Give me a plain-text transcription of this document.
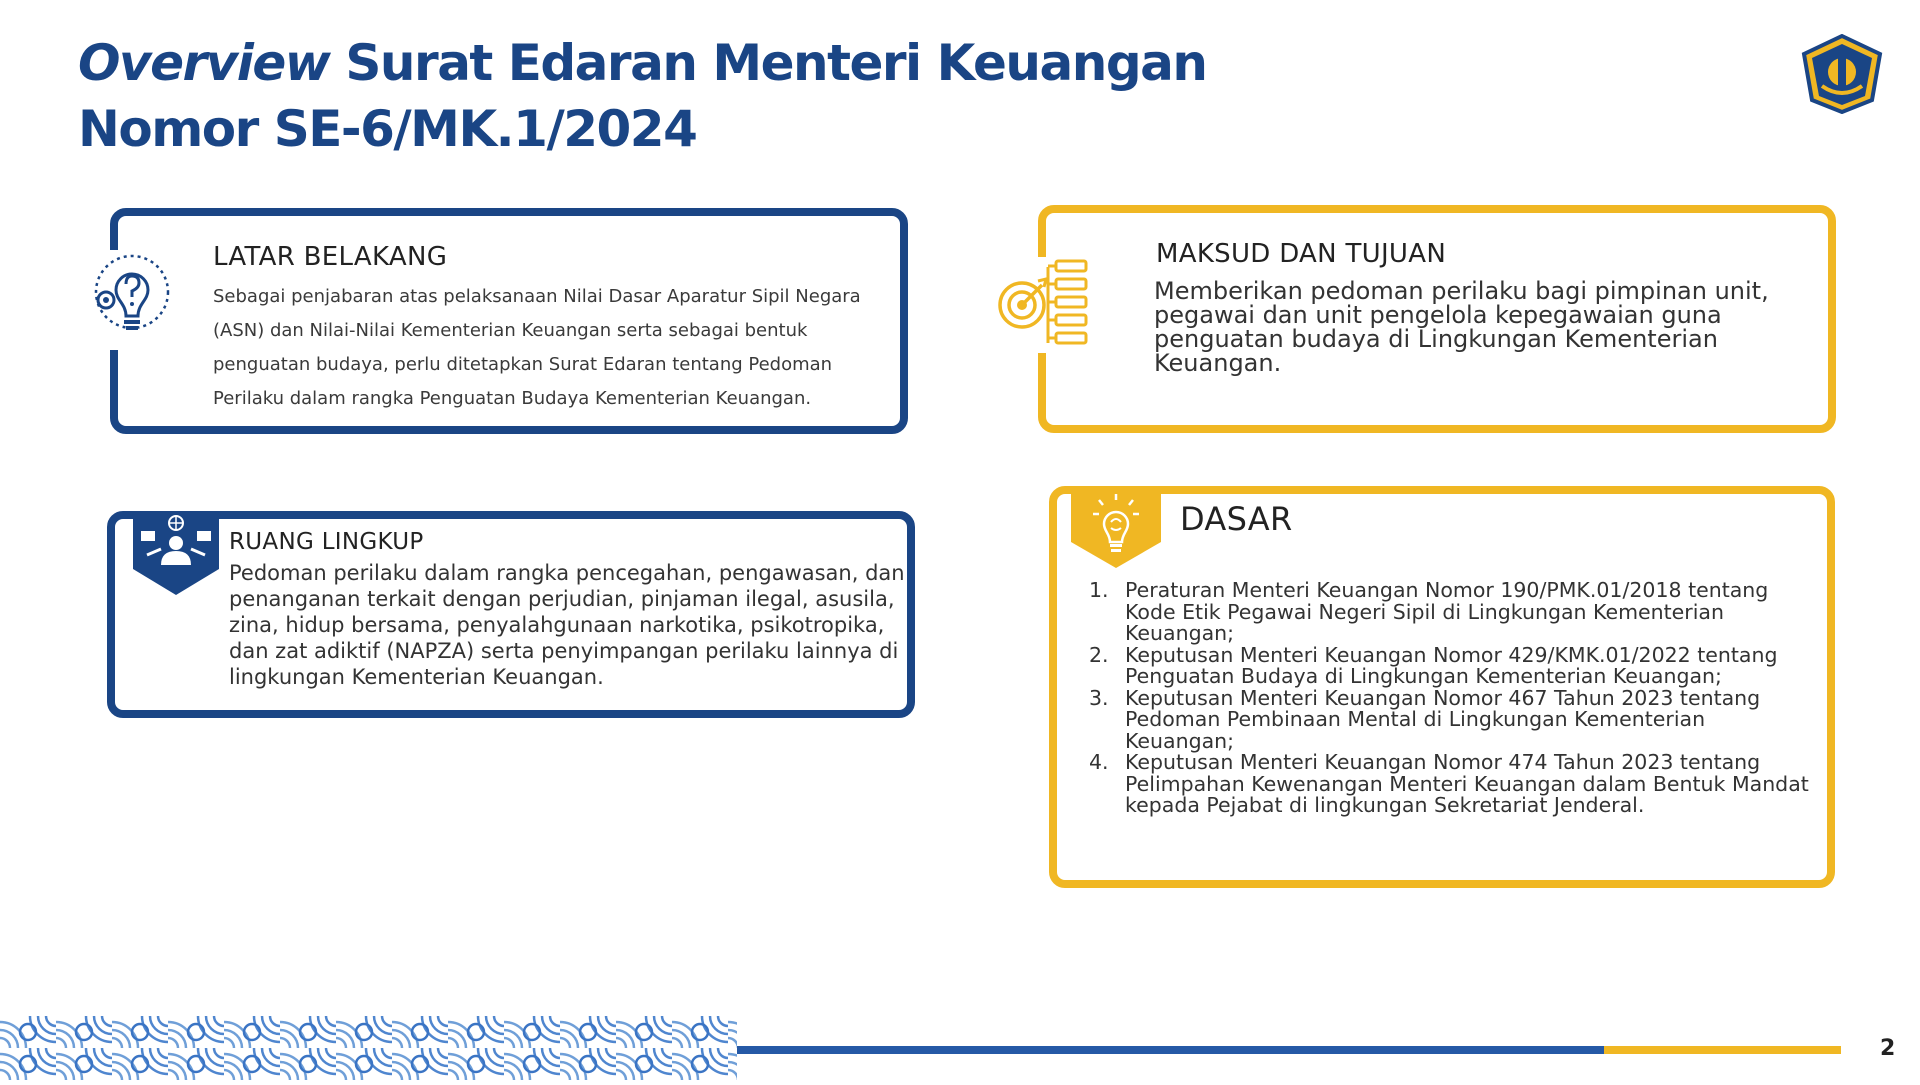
Overview Surat Edaran Menteri Keuangan
Nomor SE-6/MK.1/2024
LATAR BELAKANG

Sebagai penjabaran atas pelaksanaan Nilai Dasar Aparatur Sipil Negara (ASN) dan Nilai-Nilai Kementerian Keuangan serta sebagai bentuk penguatan budaya, perlu ditetapkan Surat Edaran tentang Pedoman Perilaku dalam rangka Penguatan Budaya Kementerian Keuangan.

MAKSUD DAN TUJUAN

Memberikan pedoman perilaku bagi pimpinan unit, pegawai dan unit pengelola kepegawaian guna penguatan budaya di Lingkungan Kementerian Keuangan.

RUANG LINGKUP

Pedoman perilaku dalam rangka pencegahan, pengawasan, dan penanganan terkait dengan perjudian, pinjaman ilegal, asusila, zina, hidup bersama, penyalahgunaan narkotika, psikotropika, dan zat adiktif (NAPZA) serta penyimpangan perilaku lainnya di lingkungan Kementerian Keuangan.

DASAR
1. Peraturan Menteri Keuangan Nomor 190/PMK.01/2018 tentang Kode Etik Pegawai Negeri Sipil di Lingkungan Kementerian Keuangan;
2. Keputusan Menteri Keuangan Nomor 429/KMK.01/2022 tentang Penguatan Budaya di Lingkungan Kementerian Keuangan;
3. Keputusan Menteri Keuangan Nomor 467 Tahun 2023 tentang Pedoman Pembinaan Mental di Lingkungan Kementerian Keuangan;
4. Keputusan Menteri Keuangan Nomor 474 Tahun 2023 tentang Pelimpahan Kewenangan Menteri Keuangan dalam Bentuk Mandat kepada Pejabat di lingkungan Sekretariat Jenderal.
2
